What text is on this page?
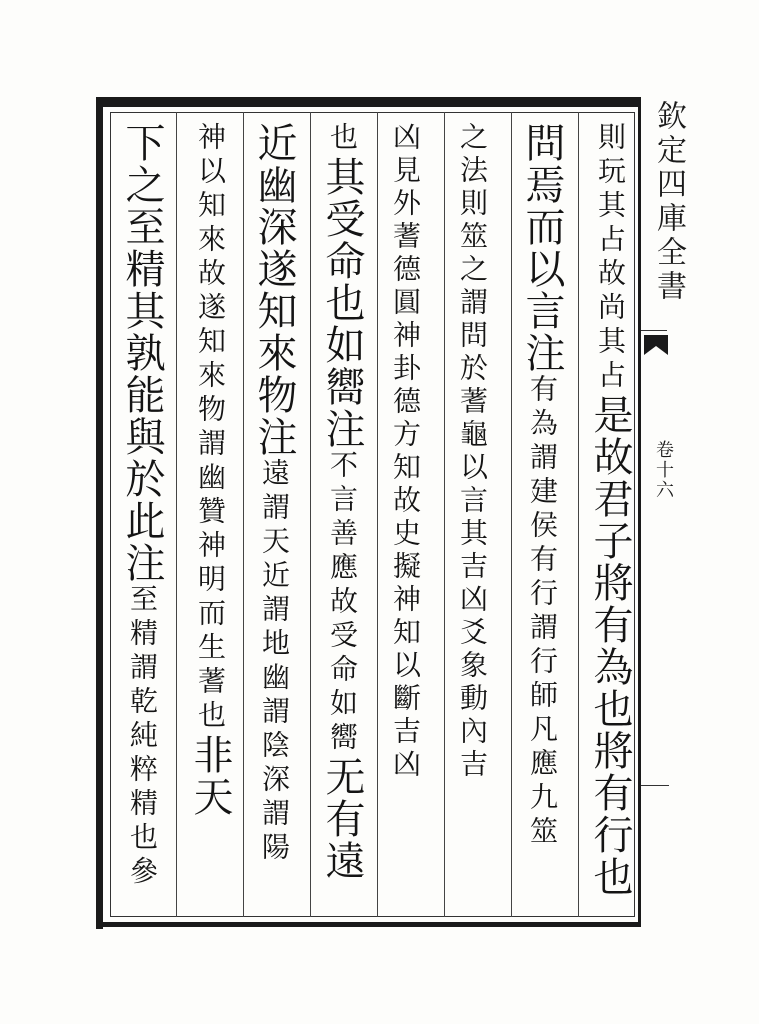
欽定四庫全書
卷十六
則玩其占故尚其占是故君子將有為也將有行也
問焉而以言注有為謂建侯有行謂行師凡應九筮
之法則筮之謂問於蓍龜以言其吉凶爻象動內吉
凶見外蓍德圓神卦德方知故史擬神知以斷吉凶
也其受命也如嚮注不言善應故受命如嚮无有遠
近幽深遂知來物注遠謂天近謂地幽謂陰深謂陽
神以知來故遂知來物謂幽贊神明而生蓍也非天
下之至精其孰能與於此注至精謂乾純粹精也參
